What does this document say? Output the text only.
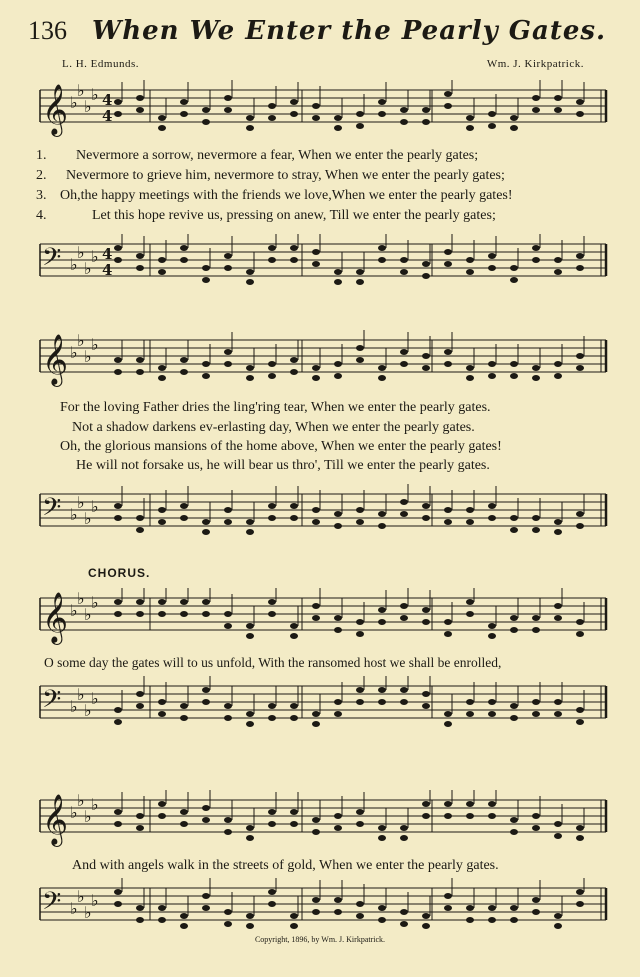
136 When We Enter the Pearly Gates.
L. H. Edmunds.	Wm. J. Kirkpatrick.
𝄞 ♭
♭
♭
♭ 4
4
1. Nevermore a sorrow, nevermore a fear, When we enter the pearly gates;
2. Nevermore to grieve him, nevermore to stray, When we enter the pearly gates;
3. Oh,the happy meetings with the friends we love,When we enter the pearly gates!
4.	Let this hope revive us, pressing on anew, Till we enter the pearly gates;
𝄢 ♭
♭
♭
♭ 4
4
𝄞 ♭
♭
♭
♭
For the loving Father dries the ling'ring tear, When we enter the pearly gates.
Not a shadow darkens ev-erlasting day, When we enter the pearly gates.
Oh, the glorious mansions of the home above, When we enter the pearly gates!
He will not forsake us, he will bear us thro', Till we enter the pearly gates.
𝄢 ♭
♭
♭
♭
CHORUS.
𝄞 ♭
♭
♭
♭
O some day the gates will to us unfold, With the ransomed host we shall be enrolled,
𝄢 ♭
♭
♭
♭
𝄞 ♭
♭
♭
♭
And with angels walk in the streets of gold, When we enter the pearly gates.
𝄢 ♭
♭
♭
♭
Copyright, 1896, by Wm. J. Kirkpatrick.
